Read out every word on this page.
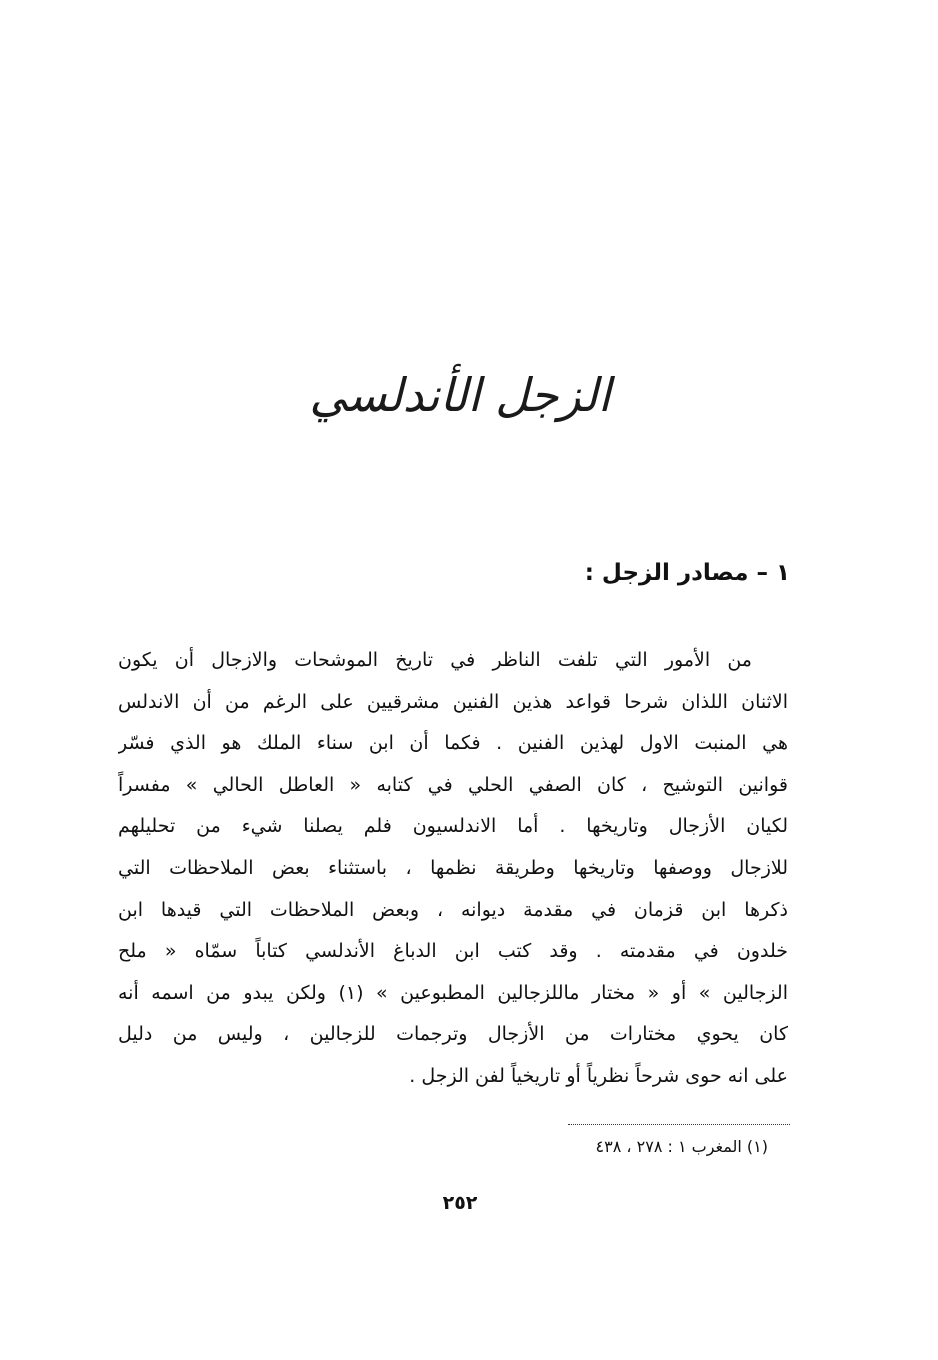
الزجل الأندلسي
١ – مصادر الزجل :
من الأمور التي تلفت الناظر في تاريخ الموشحات والازجال أن يكون
الاثنان اللذان شرحا قواعد هذين الفنين مشرقيين على الرغم من أن الاندلس
هي المنبت الاول لهذين الفنين . فكما أن ابن سناء الملك هو الذي فسّر
قوانين التوشيح ، كان الصفي الحلي في كتابه « العاطل الحالي » مفسراً
لكيان الأزجال وتاريخها . أما الاندلسيون فلم يصلنا شيء من تحليلهم
للازجال ووصفها وتاريخها وطريقة نظمها ، باستثناء بعض الملاحظات التي
ذكرها ابن قزمان في مقدمة ديوانه ، وبعض الملاحظات التي قيدها ابن
خلدون في مقدمته . وقد كتب ابن الدباغ الأندلسي كتاباً سمّاه « ملح
الزجالين » أو « مختار ماللزجالين المطبوعين » (١) ولكن يبدو من اسمه أنه
كان يحوي مختارات من الأزجال وترجمات للزجالين ، وليس من دليل
على انه حوى شرحاً نظرياً أو تاريخياً لفن الزجل .
(١) المغرب ١ : ٢٧٨ ، ٤٣٨
٢٥٢
